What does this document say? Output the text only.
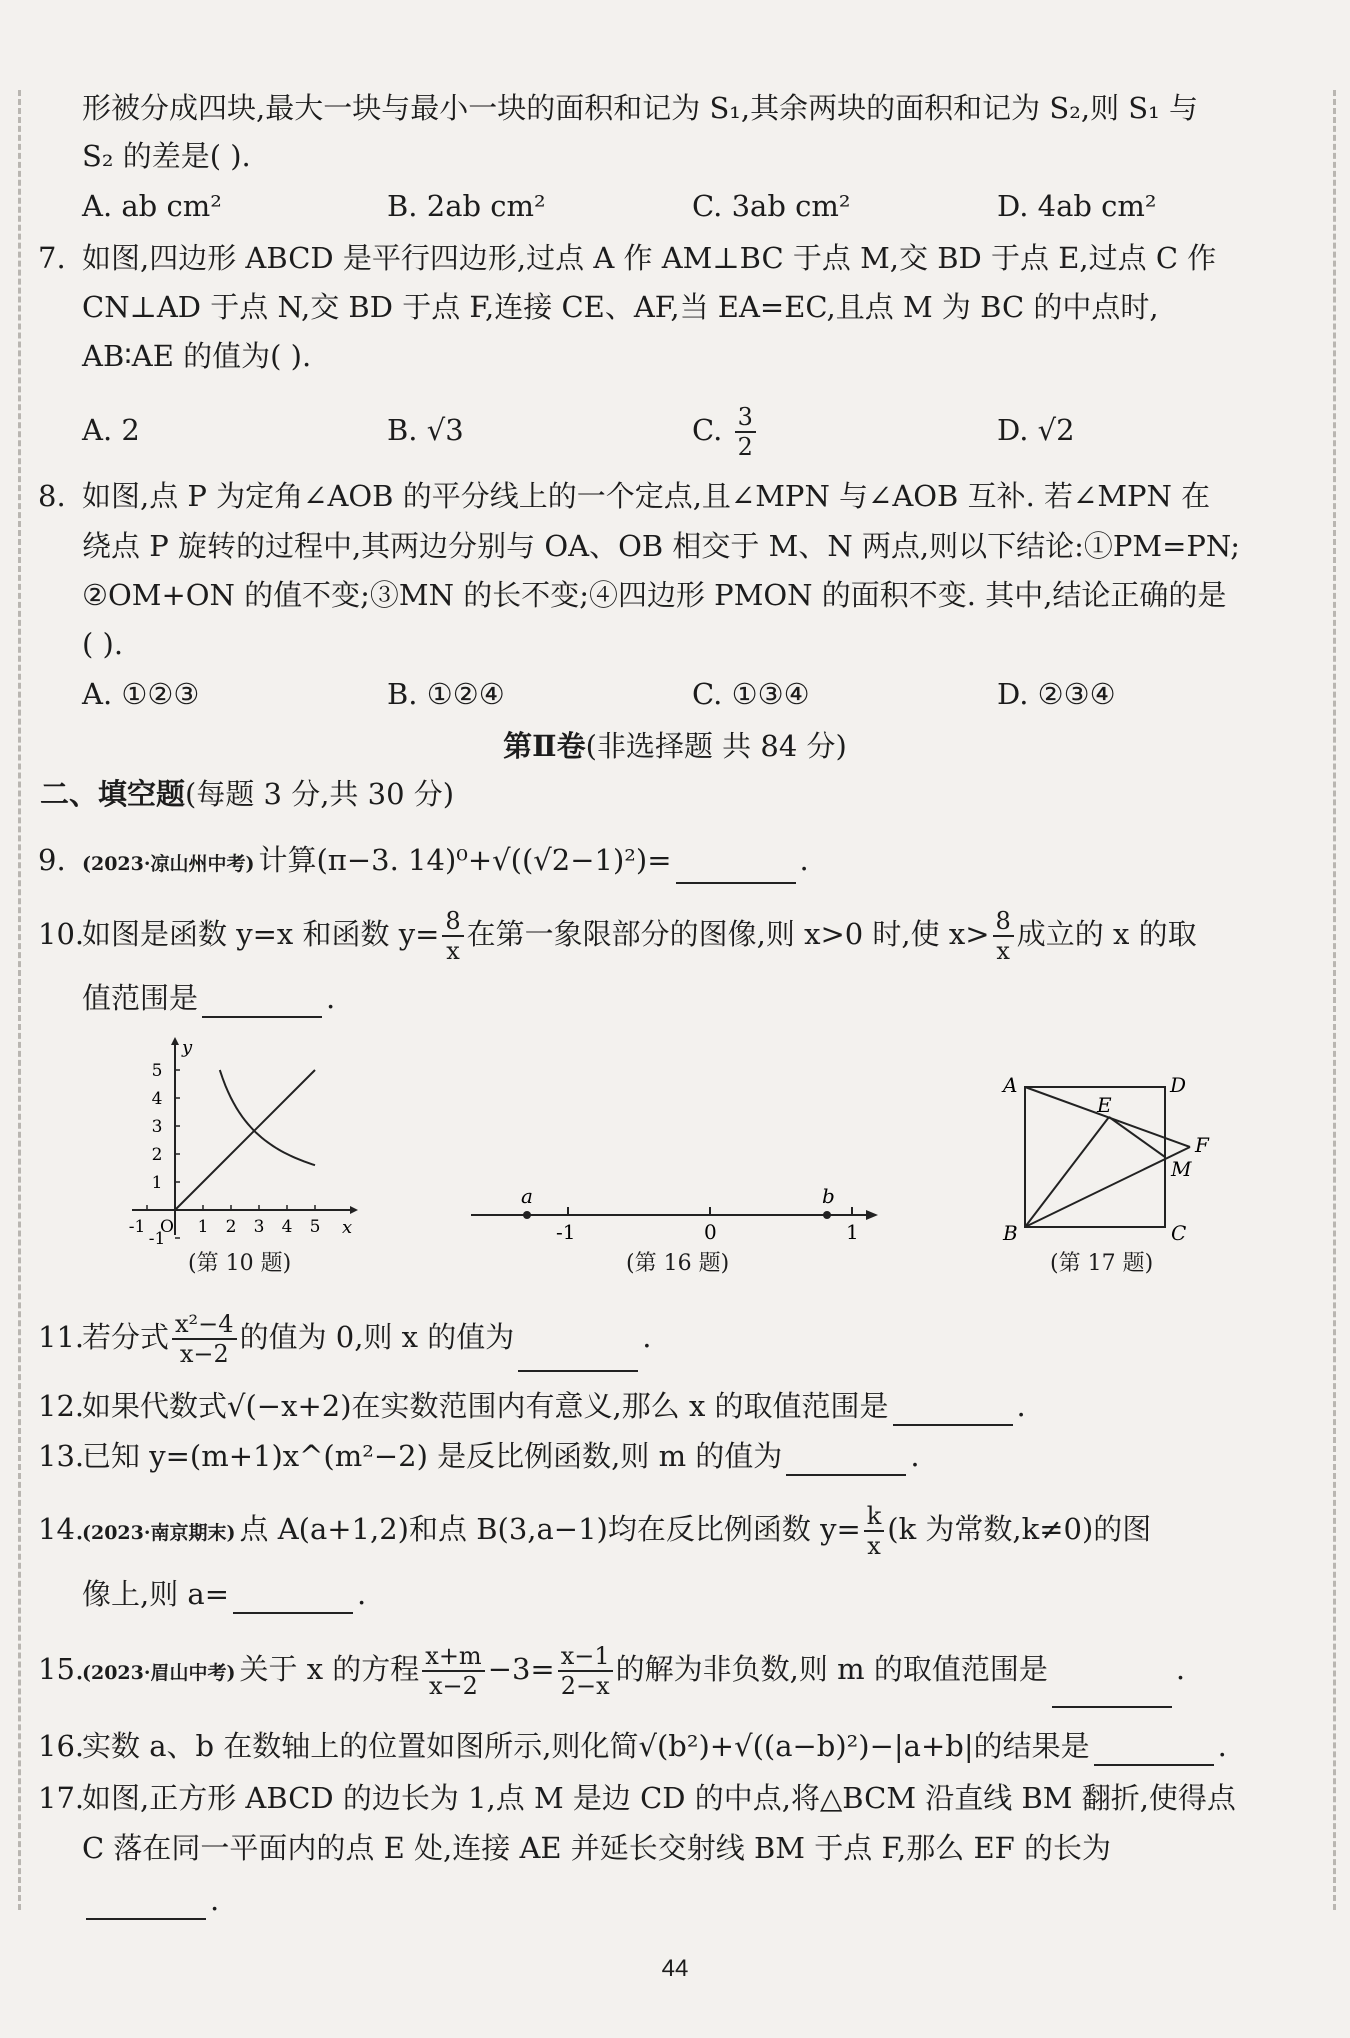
形被分成四块,最大一块与最小一块的面积和记为 S₁,其余两块的面积和记为 S₂,则 S₁ 与
S₂ 的差是( ).
A. ab cm²	B. 2ab cm²	C. 3ab cm²	D. 4ab cm²
7. 如图,四边形 ABCD 是平行四边形,过点 A 作 AM⊥BC 于点 M,交 BD 于点 E,过点 C 作
CN⊥AD 于点 N,交 BD 于点 F,连接 CE、AF,当 EA=EC,且点 M 为 BC 的中点时,
AB∶AE 的值为( ).
A. 2	B. √3	C. $\frac{3}{2}$	D. √2
8. 如图,点 P 为定角∠AOB 的平分线上的一个定点,且∠MPN 与∠AOB 互补. 若∠MPN 在
绕点 P 旋转的过程中,其两边分别与 OA、OB 相交于 M、N 两点,则以下结论:①PM=PN;
②OM+ON 的值不变;③MN 的长不变;④四边形 PMON 的面积不变. 其中,结论正确的是
( ).
A. ①②③	B. ①②④	C. ①③④	D. ②③④
第Ⅱ卷(非选择题 共 84 分)
二、填空题(每题 3 分,共 30 分)
9. (2023·凉山州中考) 计算(π−3. 14)⁰+√((√2−1)²)=	.
10.
如图是函数 y=x 和函数 $y= \frac{8}{x}$ 在第一象限部分的图像,则 x>0 时,使 $x> \frac{8}{x}$ 成立的 x 的取
值范围是	.
5
4
3
2
1
-1
-1 O 1 2 3 4 5
y
x
(第 10 题)
a	b
-1	0	1
(第 16 题)
A	D
E
F
M
B	C
(第 17 题)
11.
若分式 $\frac{\text{x²−4}}{x-2}$ 的值为 0,则 x 的值为	.
12.
如果代数式√(−x+2)在实数范围内有意义,那么 x 的取值范围是	.
13.
已知 y=(m+1)x^(m²−2) 是反比例函数,则 m 的值为	.
14.
(2023·南京期末) 点 A(a+1,2)和点 B(3,a−1)均在反比例函数 $y= \frac{k}{x} (k$ 为常数,k≠0)的图
像上,则 a=	.
15.
(2023·眉山中考) 关于 x 的方程 $\frac{x+m}{x-2} -3= \frac{x-1}{2-x}$ 的解为非负数,则 m 的取值范围是	.
16.
实数 a、b 在数轴上的位置如图所示,则化简√(b²)+√((a−b)²)−|a+b|的结果是	.
17.
如图,正方形 ABCD 的边长为 1,点 M 是边 CD 的中点,将△BCM 沿直线 BM 翻折,使得点
C 落在同一平面内的点 E 处,连接 AE 并延长交射线 BM 于点 F,那么 EF 的长为
.
44
